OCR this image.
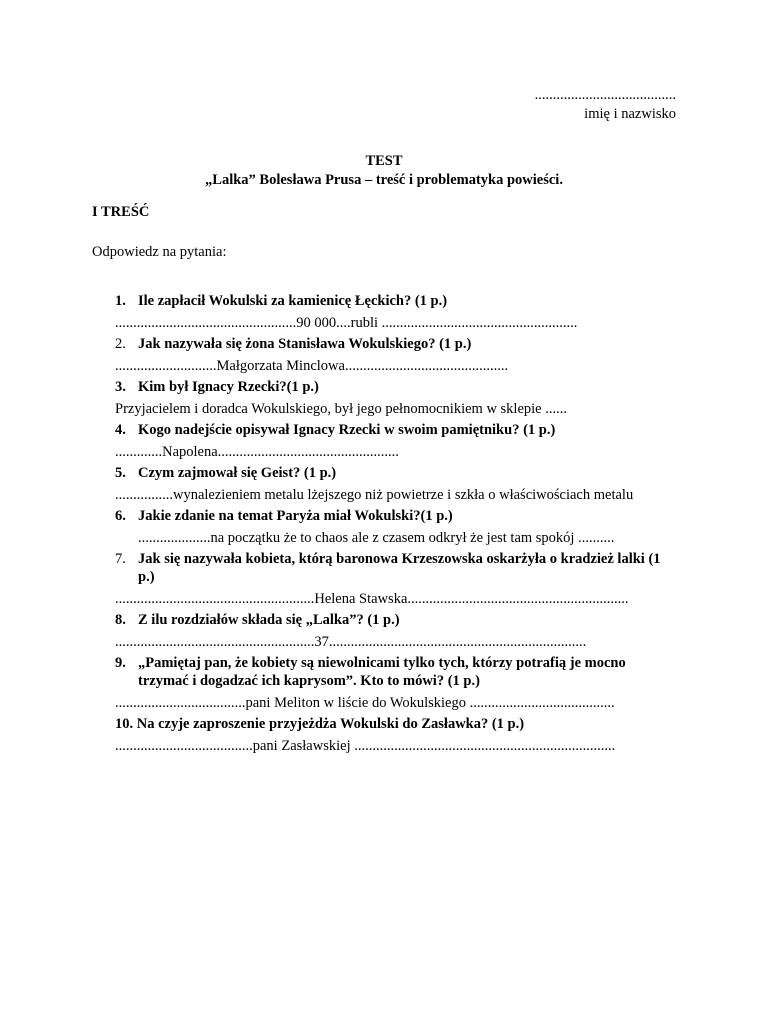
.......................................
imię i nazwisko
TEST
„Lalka” Bolesława Prusa – treść i problematyka powieści.
I TREŚĆ
Odpowiedz na pytania:
1. Ile zapłacił Wokulski za kamienicę Łęckich? (1 p.)
..................................................90 000....rubli ......................................................
2. Jak nazywała się żona Stanisława Wokulskiego? (1 p.)
............................Małgorzata Minclowa.............................................
3. Kim był Ignacy Rzecki?(1 p.)
Przyjacielem i doradca Wokulskiego, był jego pełnomocnikiem w sklepie ......
4. Kogo nadejście opisywał Ignacy Rzecki w swoim pamiętniku? (1 p.)
.............Napolena..................................................
5. Czym zajmował się Geist? (1 p.)
................wynalezieniem metalu lżejszego niż powietrze i szkła o właściwościach metalu
6. Jakie zdanie na temat Paryża miał Wokulski?(1 p.)
....................na początku że to chaos ale z czasem odkrył że jest tam spokój ..........
7. Jak się nazywała kobieta, którą baronowa Krzeszowska oskarżyła o kradzież lalki (1 p.)
.......................................................Helena Stawska.............................................................
8. Z ilu rozdziałów składa się „Lalka”? (1 p.)
.......................................................37.......................................................................
9. „Pamiętaj pan, że kobiety są niewolnicami tylko tych, którzy potrafią je mocno trzymać i dogadzać ich kaprysom”. Kto to mówi? (1 p.)
....................................pani Meliton w liście do Wokulskiego ........................................
10. Na czyje zaproszenie przyjeżdża Wokulski do Zasławka? (1 p.)
......................................pani Zasławskiej ........................................................................
